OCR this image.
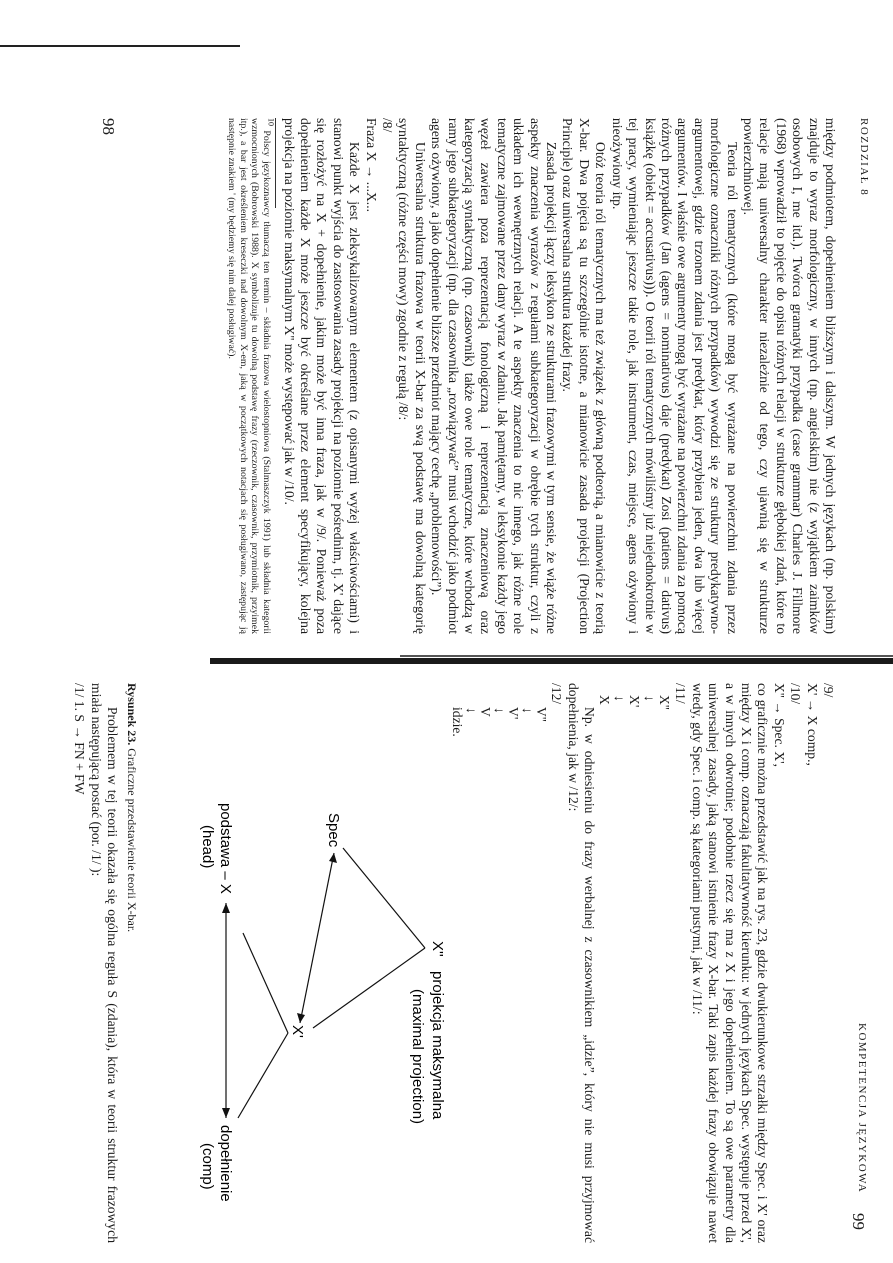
ROZDZIAŁ 8

między podmiotem, dopełnieniem bliższym i dalszym. W jednych językach (np. polskim) znajduje to wyraz morfologiczny, w innych (np. angielskim) nie (z wyjątkiem zaimków osobowych I, me itd.). Twórca gramatyki przypadka (case grammar) Charles J. Fillmore (1968) wprowadził to pojęcie do opisu różnych relacji w strukturze głębokiej zdań, które to relacje mają uniwersalny charakter niezależnie od tego, czy ujawnią się w strukturze powierzchniowej.

Teoria ról tematycznych (które mogą być wyrażane na powierzchni zdania przez morfologiczne oznaczniki różnych przypadków) wywodzi się ze struktury predykatywno-argumentowej, gdzie trzonem zdania jest predykat, który przybiera jeden, dwa lub więcej argumentów. I właśnie owe argumenty mogą być wyrażane na powierzchni zdania za pomocą różnych przypadków (Jan (agens = nominativus) daje (predykat) Zosi (patiens = dativus) książkę (obiekt = accusativus))). O teorii ról tematycznych mówiliśmy już niejednokrotnie w tej pracy, wymieniając jeszcze takie role, jak instrument, czas, miejsce, agens ożywiony i nieożywiony itp.

Otóż teoria ról tematycznych ma też związek z główną podteorią, a mianowicie z teorią X-bar. Dwa pojęcia są tu szczególnie istotne, a mianowicie zasada projekcji (Projection Principle) oraz uniwersalna struktura każdej frazy.

Zasada projekcji łączy leksykon ze strukturami frazowymi w tym sensie, że wiąże różne aspekty znaczenia wyrazów z regułami subkategoryzacji w obrębie tych struktur, czyli z układem ich wewnętrznych relacji. A te aspekty znaczenia to nic innego, jak różne role tematyczne zajmowane przez dany wyraz w zdaniu. Jak pamiętamy, w leksykonie każdy jego węzeł zawiera poza reprezentacją fonologiczną i reprezentacją znaczeniową oraz kategoryzacją syntaktyczną (np. czasownik) także owe role tematyczne, które wchodzą w ramy jego subkategoryzacji (np. dla czasownika „rozwiązywać” musi wchodzić jako podmiot agens ożywiony, a jako dopełnienie bliższe przedmiot mający cechę „problemowości”).

Uniwersalna struktura frazowa w teorii X-bar za swą podstawę ma dowolną kategorię syntaktyczną (różne części mowy) zgodnie z regułą /8/:

/8/

Fraza X → ...X...

Każde X jest zleksykalizowanym elementem (z opisanymi wyżej właściwościami) i stanowi punkt wyjścia do zastosowania zasady projekcji na poziomie pośrednim, tj. X' dające się rozłożyć na X + dopełnienie, jakim może być inna fraza, jak w /9/. Ponieważ poza dopełnieniem każde X może jeszcze być określane przez element specyfikujący, kolejna projekcja na poziomie maksymalnym X'' może występować jak w /10/.

$^{10}$ Polscy językoznawcy tłumaczą ten termin – składnia frazowa wielostopniowa (Stalmaszczyk 1991) lub składnia kategorii wzmocnionych (Bobrowski 1988). X symbolizuje tu dowolną podstawę frazy (rzeczownik, czasownik, przymiotnik, przyimek itp.), a bar jest określeniem kreseczki nad dowolnym X-em, jaką w początkowych notacjach się posługiwano, zastępując ją następnie znakiem ' (my będziemy się nim dalej posługiwać).

98
KOMPETENCJA JĘZYKOWA
99

/9/

X' → X comp.,

/10/

X'' → Spec. X',

co graficznie można przedstawić jak na rys. 23, gdzie dwukierunkowe strzałki między Spec. i X' oraz między X i comp. oznaczają fakultatywność kierunku: w jednych językach Spec. występuje przed X', a w innych odwrotnie; podobnie rzecz się ma z X i jego dopełnieniem. To są owe parametry dla uniwersalnej zasady, jaką stanowi istnienie frazy X-bar. Taki zapis każdej frazy obowiązuje nawet wtedy, gdy Spec. i comp. są kategoriami pustymi, jak w /11/:

/11/

X''
↓
X'
↓
X

Np. w odniesieniu do frazy werbalnej z czasownikiem „idzie”, który nie musi przyjmować dopełnienia, jak w /12/:

/12/

V''
↓
V'
↓
V
↓
idzie.
X''
projekcja maksymalna
(maximal projection)
Spec
X'
podstawa – X
(head)
dopełnienie
(comp)

Rysunek 23. Graficzne przedstawienie teorii X-bar.

Problemem w tej teorii okazała się ogólna reguła S (zdania), która w teorii struktur frazowych miała następującą postać (por. /1/ ):

/1/ 1. S → FN + FW
